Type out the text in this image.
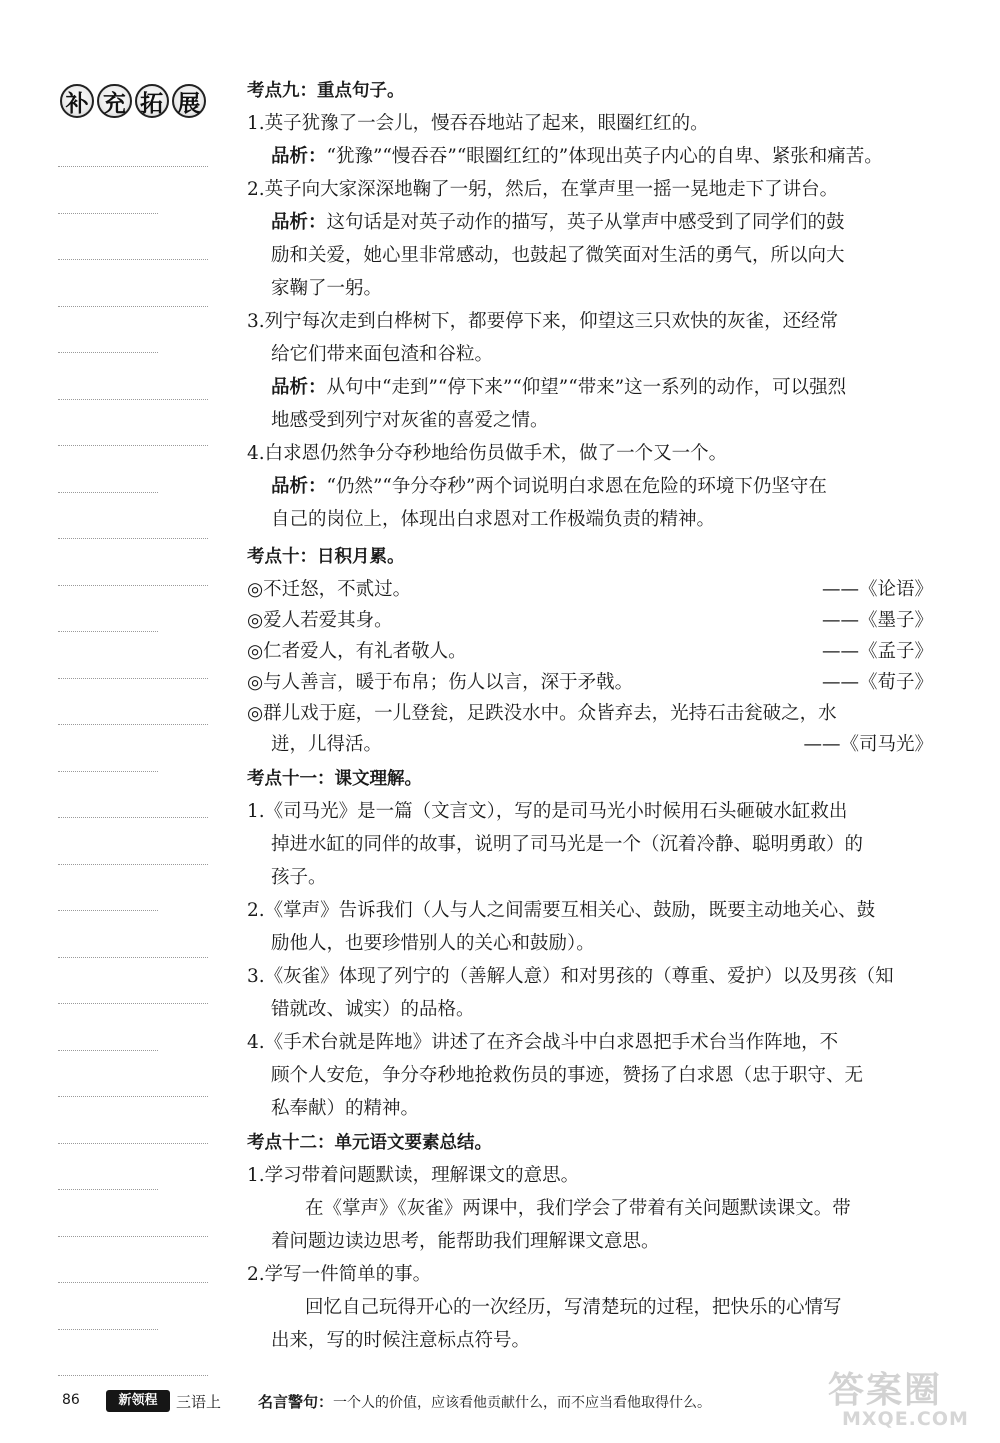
补 充 拓 展	考点九：重点句子。
1.英子犹豫了一会儿，慢吞吞地站了起来，眼圈红红的。
品析：“犹豫”“慢吞吞”“眼圈红红的”体现出英子内心的自卑、紧张和痛苦。
2.英子向大家深深地鞠了一躬，然后，在掌声里一摇一晃地走下了讲台。
品析：这句话是对英子动作的描写，英子从掌声中感受到了同学们的鼓
励和关爱，她心里非常感动，也鼓起了微笑面对生活的勇气，所以向大
家鞠了一躬。
3.列宁每次走到白桦树下，都要停下来，仰望这三只欢快的灰雀，还经常
给它们带来面包渣和谷粒。
品析：从句中“走到”“停下来”“仰望”“带来”这一系列的动作，可以强烈
地感受到列宁对灰雀的喜爱之情。
4.白求恩仍然争分夺秒地给伤员做手术，做了一个又一个。
品析：“仍然”“争分夺秒”两个词说明白求恩在危险的环境下仍坚守在
自己的岗位上，体现出白求恩对工作极端负责的精神。
考点十：日积月累。
◎不迁怒，不贰过。	——《论语》
◎爱人若爱其身。	——《墨子》
◎仁者爱人，有礼者敬人。	——《孟子》
◎与人善言，暖于布帛；伤人以言，深于矛戟。	——《荀子》
◎群儿戏于庭，一儿登瓮，足跌没水中。众皆弃去，光持石击瓮破之，水
迸，儿得活。	——《司马光》
考点十一：课文理解。
1.《司马光》是一篇（文言文），写的是司马光小时候用石头砸破水缸救出
掉进水缸的同伴的故事，说明了司马光是一个（沉着冷静、聪明勇敢）的
孩子。
2.《掌声》告诉我们（人与人之间需要互相关心、鼓励，既要主动地关心、鼓
励他人，也要珍惜别人的关心和鼓励）。
3.《灰雀》体现了列宁的（善解人意）和对男孩的（尊重、爱护）以及男孩（知
错就改、诚实）的品格。
4.《手术台就是阵地》讲述了在齐会战斗中白求恩把手术台当作阵地，不
顾个人安危，争分夺秒地抢救伤员的事迹，赞扬了白求恩（忠于职守、无
私奉献）的精神。
考点十二：单元语文要素总结。
1.学习带着问题默读，理解课文的意思。
在《掌声》《灰雀》两课中，我们学会了带着有关问题默读课文。带
着问题边读边思考，能帮助我们理解课文意思。
2.学写一件简单的事。
回忆自己玩得开心的一次经历，写清楚玩的过程，把快乐的心情写
出来，写的时候注意标点符号。
86	新领程	三语上 名言警句：一个人的价值，应该看他贡献什么，而不应当看他取得什么。	答案圈
MXQE.COM
